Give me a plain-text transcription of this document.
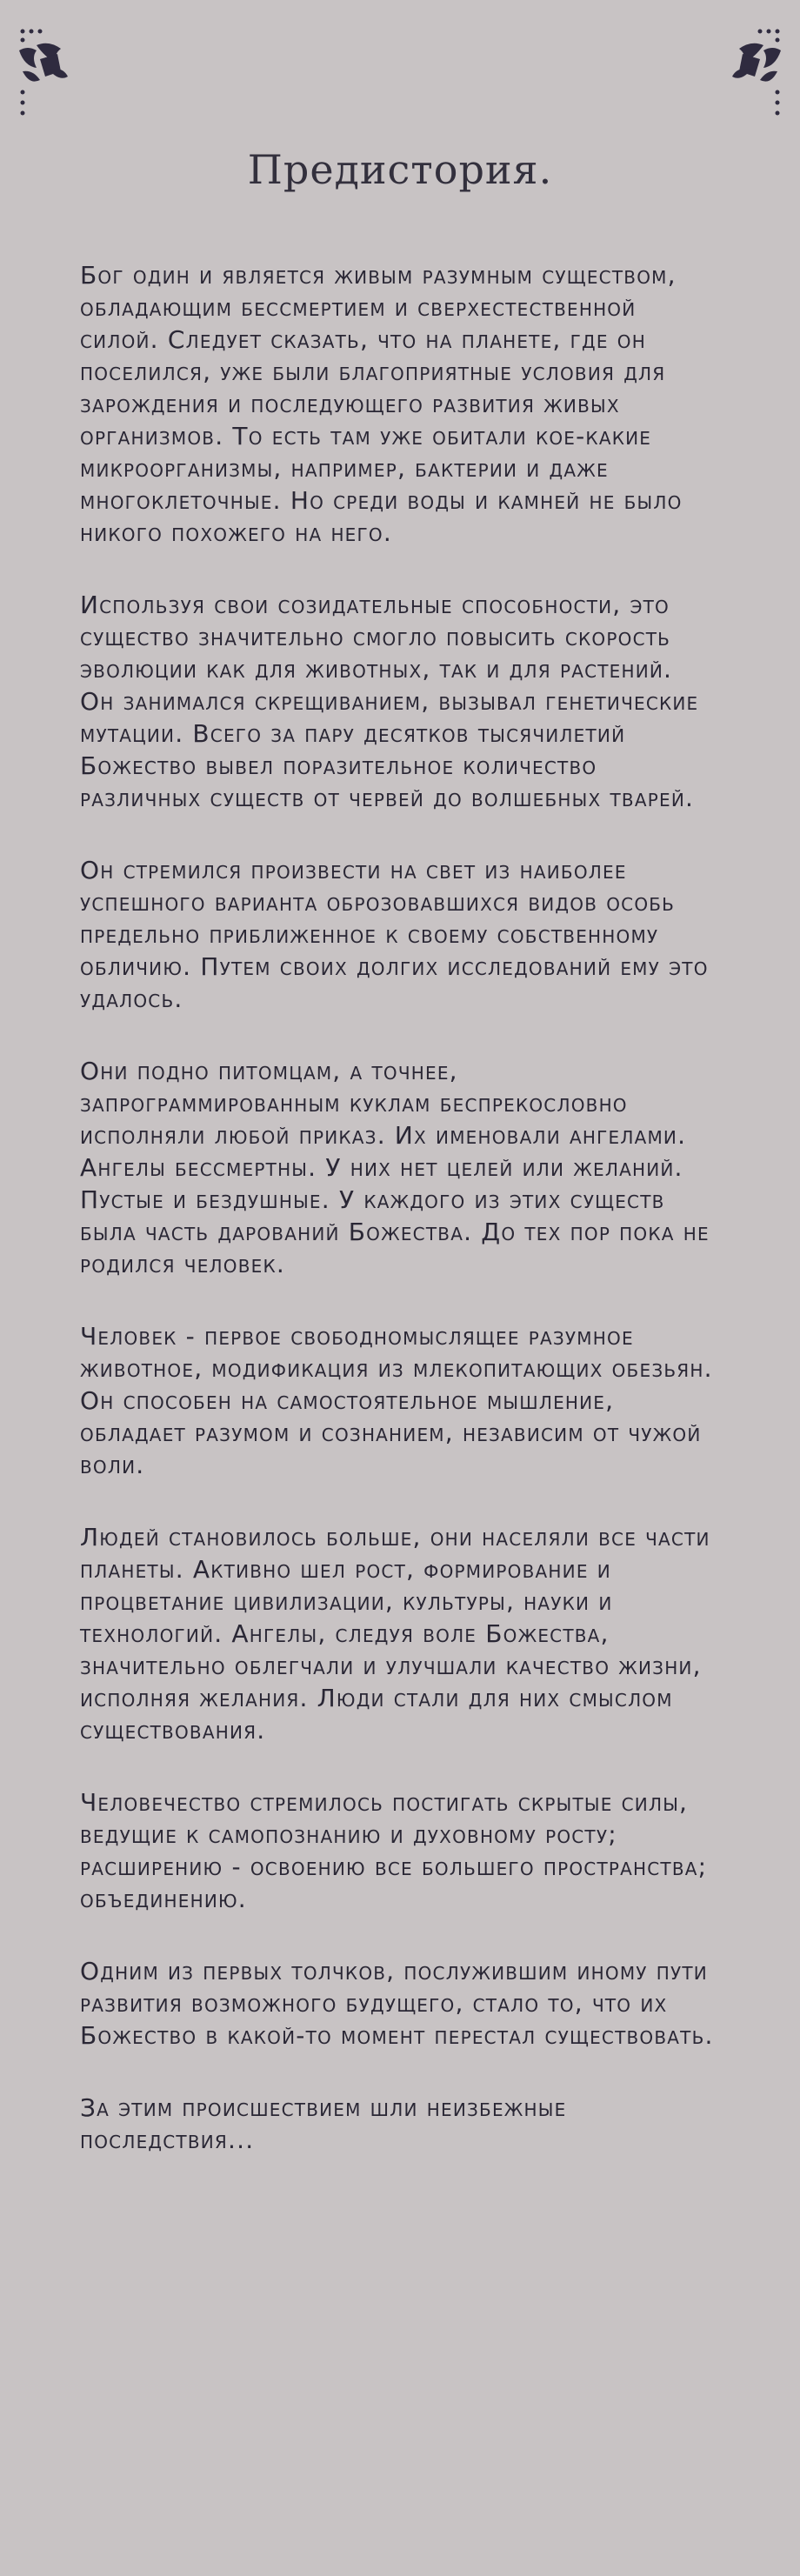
Предистория.

Бог один и является живым разумным существом, обладающим бессмертием и сверхестественной силой. Следует сказать, что на планете, где он поселился, уже были благоприятные условия для зарождения и последующего развития живых организмов. То есть там уже обитали кое-какие микроорганизмы, например, бактерии и даже многоклеточные. Но среди воды и камней не было никого похожего на него.

Используя свои созидательные способности, это существо значительно смогло повысить скорость эволюции как для животных, так и для растений. Он занимался скрещиванием, вызывал генетические мутации. Всего за пару десятков тысячилетий Божество вывел поразительное количество различных существ от червей до волшебных тварей.

Он стремился произвести на свет из наиболее успешного варианта оброзовавшихся видов особь предельно приближенное к своему собственному обличию. Путем своих долгих исследований ему это удалось.

Они подно питомцам, а точнее, запрограммированным куклам беспрекословно исполняли любой приказ. Их именовали ангелами. Ангелы бессмертны. У них нет целей или желаний. Пустые и бездушные. У каждого из этих существ была часть дарований Божества. До тех пор пока не родился человек.

Человек - первое свободномыслящее разумное животное, модификация из млекопитающих обезьян. Он способен на самостоятельное мышление, обладает разумом и сознанием, независим от чужой воли.

Людей становилось больше, они населяли все части планеты. Активно шел рост, формирование и процветание цивилизации, культуры, науки и технологий. Ангелы, следуя воле Божества, значительно облегчали и улучшали качество жизни, исполняя желания. Люди стали для них смыслом существования.

Человечество стремилось постигать скрытые силы, ведущие к самопознанию и духовному росту; расширению - освоению все большего пространства; объединению.

Одним из первых толчков, послужившим иному пути развития возможного будущего, стало то, что их Божество в какой-то момент перестал существовать.

За этим происшествием шли неизбежные последствия...
